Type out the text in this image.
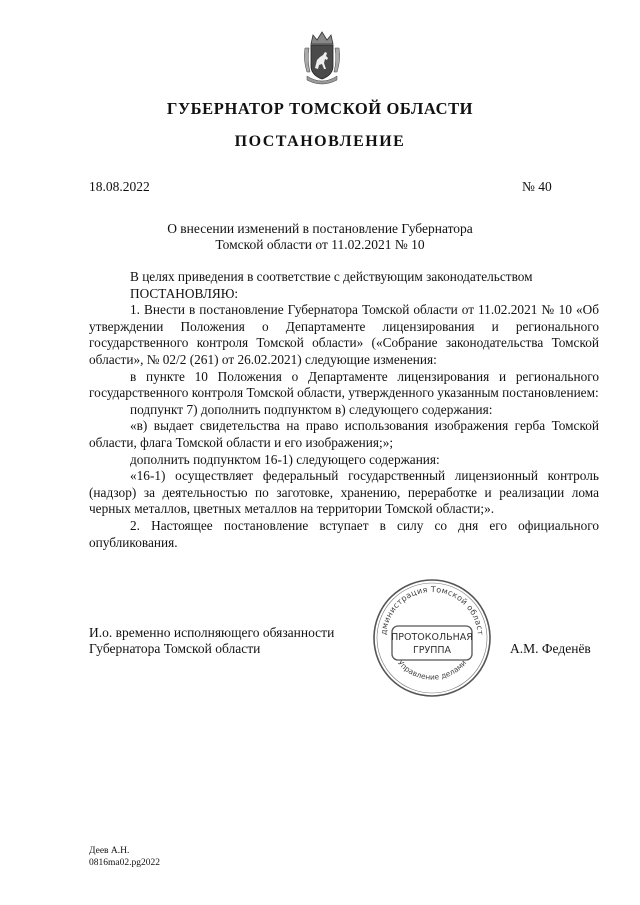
ГУБЕРНАТОР ТОМСКОЙ ОБЛАСТИ
ПОСТАНОВЛЕНИЕ
18.08.2022	№ 40
О внесении изменений в постановление Губернатора
Томской области от 11.02.2021 № 10

В целях приведения в соответствие с действующим законодательством

ПОСТАНОВЛЯЮ:

1. Внести в постановление Губернатора Томской области от 11.02.2021 № 10 «Об утверждении Положения о Департаменте лицензирования и регионального государственного контроля Томской области» («Собрание законодательства Томской области», № 02/2 (261) от 26.02.2021) следующие изменения:

в пункте 10 Положения о Департаменте лицензирования и регионального государственного контроля Томской области, утвержденного указанным постановлением:

подпункт 7) дополнить подпунктом в) следующего содержания:

«в) выдает свидетельства на право использования изображения герба Томской области, флага Томской области и его изображения;»;

дополнить подпунктом 16-1) следующего содержания:

«16-1) осуществляет федеральный государственный лицензионный контроль (надзор) за деятельностью по заготовке, хранению, переработке и реализации лома черных металлов, цветных металлов на территории Томской области;».

2. Настоящее постановление вступает в силу со дня его официального опубликования.

И.о. временно исполняющего обязанности
Губернатора Томской области
дминистрация Томской област
Управление делами
ПРОТОКОЛЬНАЯ
ГРУППА	А.М. Феденёв
Деев А.Н.
0816ma02.pg2022
